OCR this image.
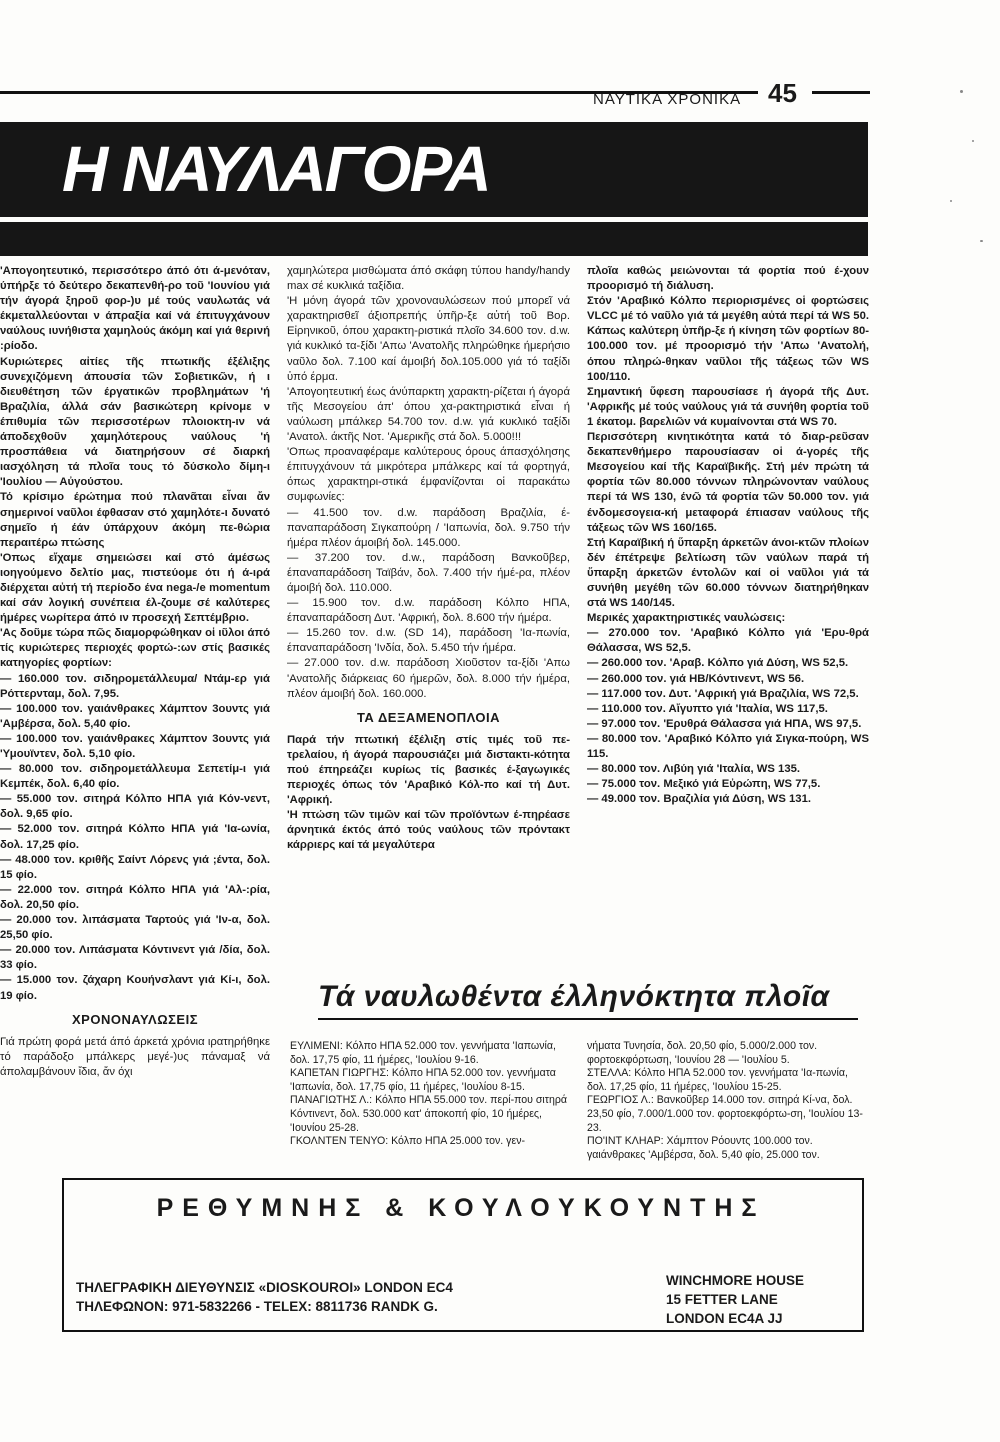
ΝΑΥΤΙΚΑ ΧΡΟΝΙΚΑ 45
Η ΝΑΥΛΑΓΟΡΑ

'Απογοητευτικό, περισσότερο άπό ότι ά-μενόταν, ύπήρξε τό δεύτερο δεκαπενθή-ρο τοῦ 'Ιουνίου γιά τήν άγορά ξηροῦ φορ-)υ μέ τούς ναυλωτάς νά έκμεταλλεύονται ν άπραξία καί νά έπιτυγχάνουν ναύλους ιυνήθιστα χαμηλούς άκόμη καί γιά θερινή :ρίοδο.

Κυριώτερες αἰτίες τῆς πτωτικῆς έξέλιξης συνεχιζόμενη άπουσία τῶν Σοβιετικῶν, ή ι διευθέτηση τῶν έργατικῶν προβλημάτων 'ή Βραζιλία, άλλά σάν βασικώτερη κρίνομε ν έπιθυμία τῶν περισσοτέρων πλοιοκτη-ιν νά άποδεχθοῦν χαμηλότερους ναύλους 'ή προσπάθεια νά διατηρήσουν σέ διαρκή ιασχόληση τά πλοῖα τους τό δύσκολο δίμη-ι 'Ιουλίου — Αὐγούστου.

Τό κρίσιμο έρώτημα πού πλανᾶται εἶναι ἄν σημερινοί ναῦλοι έφθασαν στό χαμηλότε-ι δυνατό σημεῖο ή έάν ύπάρχουν άκόμη πε-θώρια περαιτέρω πτώσης

'Οπως εἴχαμε σημειώσει καί στό άμέσως ιοηγούμενο δελτίο μας, πιστεύομε ότι ή ά-ιρά διέρχεται αὐτή τή περίοδο ένα nega-/e momentum καί σάν λογική συνέπεια έλ-ζουμε σέ καλύτερες ήμέρες νωρίτερα άπό ιν προσεχή Σεπτέμβριο.

'Ας δοῦμε τώρα πῶς διαμορφώθηκαν οἱ ιῦλοι άπό τίς κυριώτερες περιοχές φορτώ-:ων στίς βασικές κατηγορίες φορτίων:

— 160.000 τον. σιδηρομετάλλευμα/ Ντάμ-ερ γιά Ρόττερνταμ, δολ. 7,95.

— 100.000 τον. γαιάνθρακες Χάμπτον 3ουντς γιά 'Αμβέρσα, δολ. 5,40 φίο.

— 100.000 τον. γαιάνθρακες Χάμπτον 3ουντς γιά 'Υμουϊντεν, δολ. 5,10 φίο.

— 80.000 τον. σιδηρομετάλλευμα Σεπετίμ-ι γιά Κεμπέκ, δολ. 6,40 φίο.

— 55.000 τον. σιτηρά Κόλπο ΗΠΑ γιά Κόν-νεντ, δολ. 9,65 φίο.

— 52.000 τον. σιτηρά Κόλπο ΗΠΑ γιά 'Ια-ωνία, δολ. 17,25 φίο.

— 48.000 τον. κριθῆς Σαίντ Λόρενς γιά ;έντα, δολ. 15 φίο.

— 22.000 τον. σιτηρά Κόλπο ΗΠΑ γιά 'Αλ-:ρία, δολ. 20,50 φίο.

— 20.000 τον. λιπάσματα Ταρτούς γιά 'Ιν-α, δολ. 25,50 φίο.

— 20.000 τον. Λιπάσματα Κόντινεντ γιά /δία, δολ. 33 φίο.

— 15.000 τον. ζάχαρη Κουήνσλαντ γιά Κί-ι, δολ. 19 φίο.

ΧΡΟΝΟΝΑΥΛΩΣΕΙΣ

Γιά πρώτη φορά μετά άπό άρκετά χρόνια ιρατηρήθηκε τό παράδοξο μπάλκερς μεγέ-)υς πάναμαξ νά άπολαμβάνουν ἴδια, ἄν όχι

χαμηλώτερα μισθώματα άπό σκάφη τύπου handy/handy max σέ κυκλικά ταξίδια.

'Η μόνη άγορά τῶν χρονοναυλώσεων πού μπορεῖ νά χαρακτηρισθεῖ άξιοπρεπής ὑπῆρ-ξε αὐτή τοῦ Βορ. Εἰρηνικοῦ, όπου χαρακτη-ριστικά πλοῖο 34.600 τον. d.w. γιά κυκλικό τα-ξίδι 'Απω 'Ανατολῆς πληρώθηκε ήμερήσιο ναῦλο δολ. 7.100 καί άμοιβή δολ.105.000 γιά τό ταξίδι ὑπό έρμα.

'Απογοητευτική έως άνύπαρκτη χαρακτη-ρίζεται ή άγορά τῆς Μεσογείου άπ' όπου χα-ρακτηριστικά εἶναι ή ναύλωση μπάλκερ 54.700 τον. d.w. γιά κυκλικό ταξίδι 'Ανατολ. άκτῆς Νοτ. 'Αμερικῆς στά δολ. 5.000!!!

'Οπως προαναφέραμε καλύτερους όρους άπασχόλησης έπιτυγχάνουν τά μικρότερα μπάλκερς καί τά φορτηγά, όπως χαρακτηρι-στικά έμφανίζονται οἱ παρακάτω συμφωνίες:

— 41.500 τον. d.w. παράδοση Βραζιλία, έ-παναπαράδοση Σιγκαπούρη / 'Ιαπωνία, δολ. 9.750 τήν ήμέρα πλέον άμοιβή δολ. 145.000.

— 37.200 τον. d.w., παράδοση Βανκοῦβερ, έπαναπαράδοση Ταϊβάν, δολ. 7.400 τήν ήμέ-ρα, πλέον άμοιβή δολ. 110.000.

— 15.900 τον. d.w. παράδοση Κόλπο ΗΠΑ, έπαναπαράδοση Δυτ. 'Αφρική, δολ. 8.600 τήν ήμέρα.

— 15.260 τον. d.w. (SD 14), παράδοση 'Ια-πωνία, έπαναπαράδοση 'Ινδία, δολ. 5.450 τήν ήμέρα.

— 27.000 τον. d.w. παράδοση Χιοῦστον τα-ξίδι 'Απω 'Ανατολῆς διάρκειας 60 ήμερῶν, δολ. 8.000 τήν ήμέρα, πλέον άμοιβή δολ. 160.000.

ΤΑ ΔΕΞΑΜΕΝΟΠΛΟΙΑ

Παρά τήν πτωτική έξέλιξη στίς τιμές τοῦ πε-τρελαίου, ή άγορά παρουσιάζει μιά διστακτι-κότητα πού έπηρεάζει κυρίως τίς βασικές έ-ξαγωγικές περιοχές όπως τόν 'Αραβικό Κόλ-πο καί τή Δυτ. 'Αφρική.

'Η πτώση τῶν τιμῶν καί τῶν προϊόντων έ-πηρέασε άρνητικά έκτός άπό τούς ναύλους τῶν πρόντακτ κάρριερς καί τά μεγαλύτερα

πλοῖα καθώς μειώνονται τά φορτία πού έ-χουν προορισμό τή διάλυση.

Στόν 'Αραβικό Κόλπο περιορισμένες οἱ φορτώσεις VLCC μέ τό ναῦλο γιά τά μεγέθη αὐτά περί τά WS 50. Κάπως καλύτερη ὑπῆρ-ξε ή κίνηση τῶν φορτίων 80-100.000 τον. μέ προορισμό τήν 'Απω 'Ανατολή, όπου πληρώ-θηκαν ναῦλοι τῆς τάξεως τῶν WS 100/110.

Σημαντική ὕφεση παρουσίασε ή άγορά τῆς Δυτ. 'Αφρικῆς μέ τούς ναύλους γιά τά συνήθη φορτία τοῦ 1 έκατομ. βαρελιῶν νά κυμαίνονται στά WS 70.

Περισσότερη κινητικότητα κατά τό διαρ-ρεῦσαν δεκαπενθήμερο παρουσίασαν οἱ ά-γορές τῆς Μεσογείου καί τῆς Καραϊβικῆς. Στή μέν πρώτη τά φορτία τῶν 80.000 τόννων πληρώνονταν ναύλους περί τά WS 130, ένῶ τά φορτία τῶν 50.000 τον. γιά ένδομεσογεια-κή μεταφορά έπιασαν ναύλους τῆς τάξεως τῶν WS 160/165.

Στή Καραϊβική ή ὕπαρξη άρκετῶν άνοι-κτῶν πλοίων δέν έπέτρεψε βελτίωση τῶν ναύλων παρά τή ὕπαρξη άρκετῶν έντολῶν καί οἱ ναῦλοι γιά τά συνήθη μεγέθη τῶν 60.000 τόννων διατηρήθηκαν στά WS 140/145.

Μερικές χαρακτηριστικές ναυλώσεις:

— 270.000 τον. 'Αραβικό Κόλπο γιά 'Ερυ-θρά Θάλασσα, WS 52,5.

— 260.000 τον. 'Αραβ. Κόλπο γιά Δύση, WS 52,5.

— 260.000 τον. γιά ΗΒ/Κόντινεντ, WS 56.

— 117.000 τον. Δυτ. 'Αφρική γιά Βραζιλία, WS 72,5.

— 110.000 τον. Αἴγυπτο γιά 'Ιταλία, WS 117,5.

— 97.000 τον. 'Ερυθρά Θάλασσα γιά ΗΠΑ, WS 97,5.

— 80.000 τον. 'Αραβικό Κόλπο γιά Σιγκα-πούρη, WS 115.

— 80.000 τον. Λιβύη γιά 'Ιταλία, WS 135.

— 75.000 τον. Μεξικό γιά Εὐρώπη, WS 77,5.

— 49.000 τον. Βραζιλία γιά Δύση, WS 131.

Τά ναυλωθέντα έλληνόκτητα πλοῖα

ΕΥΛΙΜΕΝΙ: Κόλπο ΗΠΑ 52.000 τον. γεννήματα 'Ιαπωνία, δολ. 17,75 φίο, 11 ήμέρες, 'Ιουλίου 9-16.

ΚΑΠΕΤΑΝ ΓΙΩΡΓΗΣ: Κόλπο ΗΠΑ 52.000 τον. γεννήματα 'Ιαπωνία, δολ. 17,75 φίο, 11 ήμέρες, 'Ιουλίου 8-15.

ΠΑΝΑΓΙΩΤΗΣ Λ.: Κόλπο ΗΠΑ 55.000 τον. περί-που σιτηρά Κόντινεντ, δολ. 530.000 κατ' άποκοπή φίο, 10 ήμέρες, 'Ιουνίου 25-28.

ΓΚΟΛΝΤΕΝ ΤΕΝΥΟ: Κόλπο ΗΠΑ 25.000 τον. γεν-

νήματα Τυνησία, δολ. 20,50 φίο, 5.000/2.000 τον. φορτοεκφόρτωση, 'Ιουνίου 28 — 'Ιουλίου 5.

ΣΤΕΛΛΑ: Κόλπο ΗΠΑ 52.000 τον. γεννήματα 'Ια-πωνία, δολ. 17,25 φίο, 11 ήμέρες, 'Ιουλίου 15-25.

ΓΕΩΡΓΙΟΣ Λ.: Βανκοῦβερ 14.000 τον. σιτηρά Κί-να, δολ. 23,50 φίο, 7.000/1.000 τον. φορτοεκφόρτω-ση, 'Ιουλίου 13-23.

ΠΟ'ΙΝΤ ΚΛΗΑΡ: Χάμπτον Ρόουντς 100.000 τον. γαιάνθρακες 'Αμβέρσα, δολ. 5,40 φίο, 25.000 τον.

ΡΕΘΥΜΝΗΣ & ΚΟΥΛΟΥΚΟΥΝΤΗΣ

ΤΗΛΕΓΡΑΦΙΚΗ ΔΙΕΥΘΥΝΣΙΣ «DIOSKOUROI» LONDON EC4

ΤΗΛΕΦΩΝΟΝ: 971-5832266 - TELEX: 8811736 RANDK G.

WINCHMORE HOUSE

15 FETTER LANE

LONDON EC4A JJ
